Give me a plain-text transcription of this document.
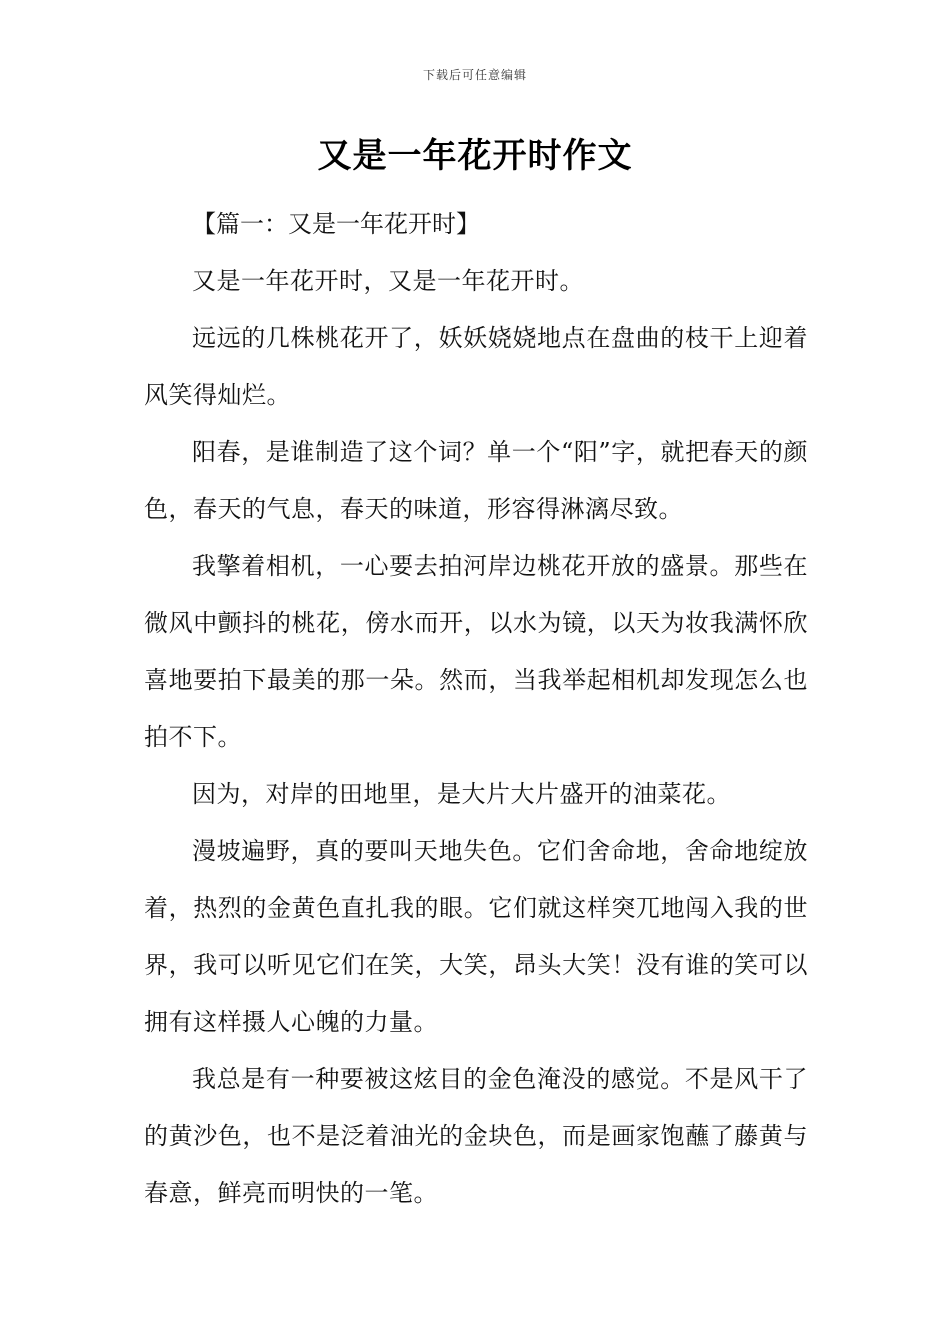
下载后可任意编辑
又是一年花开时作文

【篇一：又是一年花开时】

又是一年花开时，又是一年花开时。

远远的几株桃花开了，妖妖娆娆地点在盘曲的枝干上迎着风笑得灿烂。

阳春，是谁制造了这个词？单一个“阳”字，就把春天的颜色，春天的气息，春天的味道，形容得淋漓尽致。

我擎着相机，一心要去拍河岸边桃花开放的盛景。那些在微风中颤抖的桃花，傍水而开，以水为镜，以天为妆我满怀欣喜地要拍下最美的那一朵。然而，当我举起相机却发现怎么也拍不下。

因为，对岸的田地里，是大片大片盛开的油菜花。

漫坡遍野，真的要叫天地失色。它们舍命地，舍命地绽放着，热烈的金黄色直扎我的眼。它们就这样突兀地闯入我的世界，我可以听见它们在笑，大笑，昂头大笑！没有谁的笑可以拥有这样摄人心魄的力量。

我总是有一种要被这炫目的金色淹没的感觉。不是风干了的黄沙色，也不是泛着油光的金块色，而是画家饱蘸了藤黄与春意，鲜亮而明快的一笔。
